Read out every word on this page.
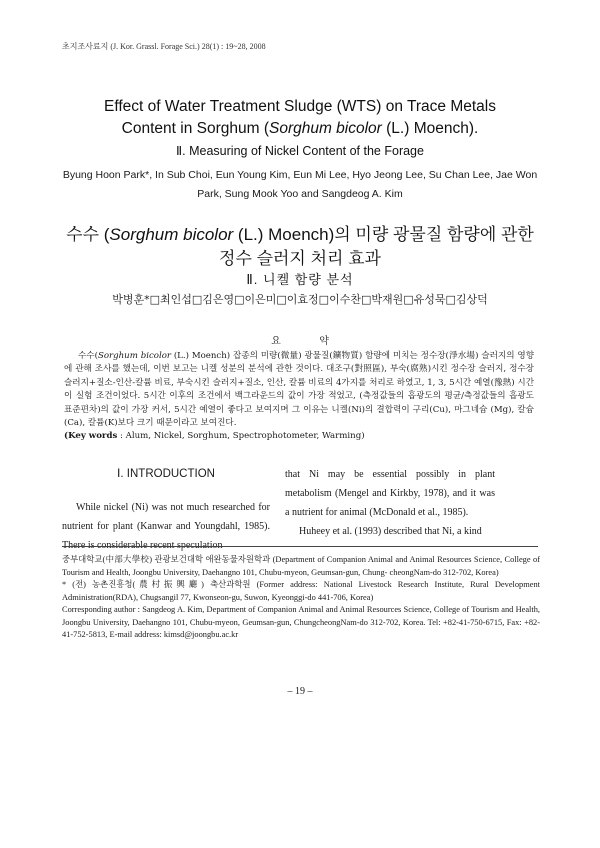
초지조사료지 (J. Kor. Grassl. Forage Sci.) 28(1) : 19~28, 2008
Effect of Water Treatment Sludge (WTS) on Trace Metals
Content in Sorghum (Sorghum bicolor (L.) Moench).
Ⅱ. Measuring of Nickel Content of the Forage
Byung Hoon Park*, In Sub Choi, Eun Young Kim, Eun Mi Lee, Hyo Jeong Lee, Su Chan Lee, Jae Won Park, Sung Mook Yoo and Sangdeog A. Kim
수수 (Sorghum bicolor (L.) Moench)의 미량 광물질 함량에 관한
정수 슬러지 처리 효과
Ⅱ. 니켈 함량 분석
박병훈*□최인섭□김은영□이은미□이효정□이수찬□박재원□유성묵□김상덕
요 약

수수(Sorghum bicolor (L.) Moench) 잡종의 미량(微量) 광물질(鑛物質) 함량에 미치는 정수장(淨水場) 슬러지의 영향에 관해 조사를 했는데, 이번 보고는 니켈 성분의 분석에 관한 것이다. 대조구(對照區), 부숙(腐熟)시킨 정수장 슬러지, 정수장 슬러지+질소-인산-칼륨 비료, 부숙시킨 슬러지+질소, 인산, 칼륨 비료의 4가지를 처리로 하였고, 1, 3, 5시간 예열(豫熱) 시간이 실험 조건이었다. 5시간 이후의 조건에서 백그라운드의 값이 가장 적었고, (측정값들의 흡광도의 평균/측정값들의 흡광도 표준편차)의 값이 가장 커서, 5시간 예열이 좋다고 보여지며 그 이유는 니켈(Ni)의 결합력이 구리(Cu), 마그네슘 (Mg), 칼슘(Ca), 칼륨(K)보다 크기 때문이라고 보여진다.

(Key words : Alum, Nickel, Sorghum, Spectrophotometer, Warming)

Ⅰ. INTRODUCTION

While nickel (Ni) was not much researched for nutrient for plant (Kanwar and Youngdahl, 1985). There is considerable recent speculation

that Ni may be essential possibly in plant metabolism (Mengel and Kirkby, 1978), and it was a nutrient for animal (McDonald et al., 1985).

Huheey et al. (1993) described that Ni, a kind

중부대학교(中部大學校) 관광보건대학 애완동물자원학과 (Department of Companion Animal and Animal Resources Science, College of Tourism and Health, Joongbu University, Daehangno 101, Chubu-myeon, Geumsan-gun, Chung- cheongNam-do 312-702, Korea)

* (전) 농촌진흥청(農村振興廳) 축산과학원 (Former address: National Livestock Research Institute, Rural Development Administration(RDA), Chugsangil 77, Kwonseon-gu, Suwon, Kyeonggi-do 441-706, Korea)

Corresponding author : Sangdeog A. Kim, Department of Companion Animal and Animal Resources Science, College of Tourism and Health, Joongbu University, Daehangno 101, Chubu-myeon, Geumsan-gun, ChungcheongNam-do 312-702, Korea. Tel: +82-41-750-6715, Fax: +82-41-752-5813, E-mail address: kimsd@joongbu.ac.kr

– 19 –
